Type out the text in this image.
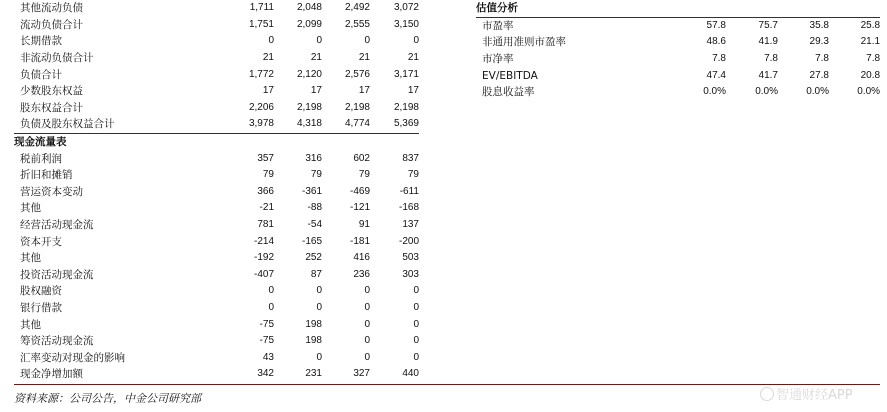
其他流动负债	1,711	2,048	2,492	3,072
流动负债合计	1,751	2,099	2,555	3,150
长期借款	0	0	0	0
非流动负债合计	21	21	21	21
负债合计	1,772	2,120	2,576	3,171
少数股东权益	17	17	17	17
股东权益合计	2,206	2,198	2,198	2,198
负债及股东权益合计	3,978	4,318	4,774	5,369
现金流量表				
税前利润	357	316	602	837
折旧和摊销	79	79	79	79
营运资本变动	366	-361	-469	-611
其他	-21	-88	-121	-168
经营活动现金流	781	-54	91	137
资本开支	-214	-165	-181	-200
其他	-192	252	416	503
投资活动现金流	-407	87	236	303
股权融资	0	0	0	0
银行借款	0	0	0	0
其他	-75	198	0	0
筹资活动现金流	-75	198	0	0
汇率变动对现金的影响	43	0	0	0
现金净增加额	342	231	327	440
估值分析				
市盈率	57.8	75.7	35.8	25.8
非通用准则市盈率	48.6	41.9	29.3	21.1
市净率	7.8	7.8	7.8	7.8
EV/EBITDA	47.4	41.7	27.8	20.8
股息收益率	0.0%	0.0%	0.0%	0.0%
资料来源：公司公告，中金公司研究部	智通财经APP
